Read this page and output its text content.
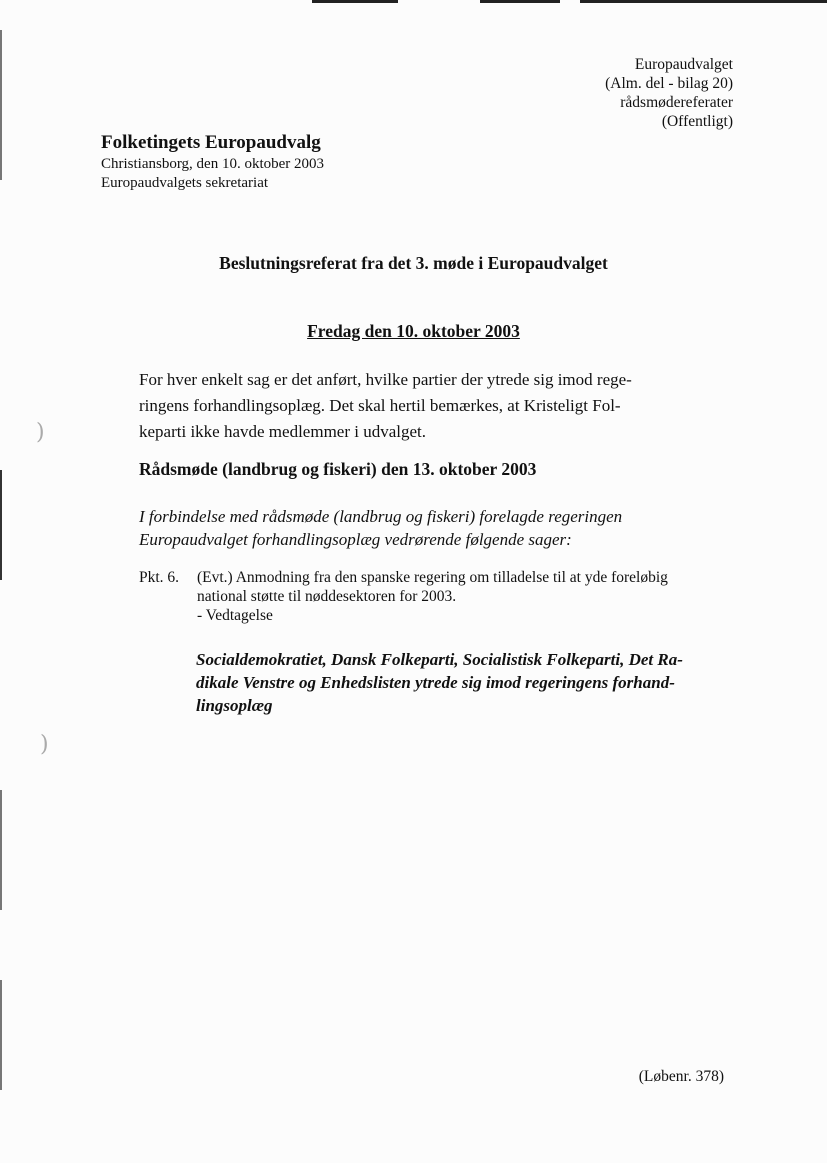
)
)
Europaudvalget
(Alm. del - bilag 20)
rådsmødereferater
(Offentligt)
Folketingets Europaudvalg
Christiansborg, den 10. oktober 2003
Europaudvalgets sekretariat
Beslutningsreferat fra det 3. møde i Europaudvalget
Fredag den 10. oktober 2003
For hver enkelt sag er det anført, hvilke partier der ytrede sig imod rege-
ringens forhandlingsoplæg. Det skal hertil bemærkes, at Kristeligt Fol-
keparti ikke havde medlemmer i udvalget.
Rådsmøde (landbrug og fiskeri) den 13. oktober 2003
I forbindelse med rådsmøde (landbrug og fiskeri) forelagde regeringen
Europaudvalget forhandlingsoplæg vedrørende følgende sager:
Pkt. 6.	(Evt.) Anmodning fra den spanske regering om tilladelse til at yde foreløbig
national støtte til nøddesektoren for 2003.
- Vedtagelse
Socialdemokratiet, Dansk Folkeparti, Socialistisk Folkeparti, Det Ra-
dikale Venstre og Enhedslisten ytrede sig imod regeringens forhand-
lingsoplæg
(Løbenr. 378)
